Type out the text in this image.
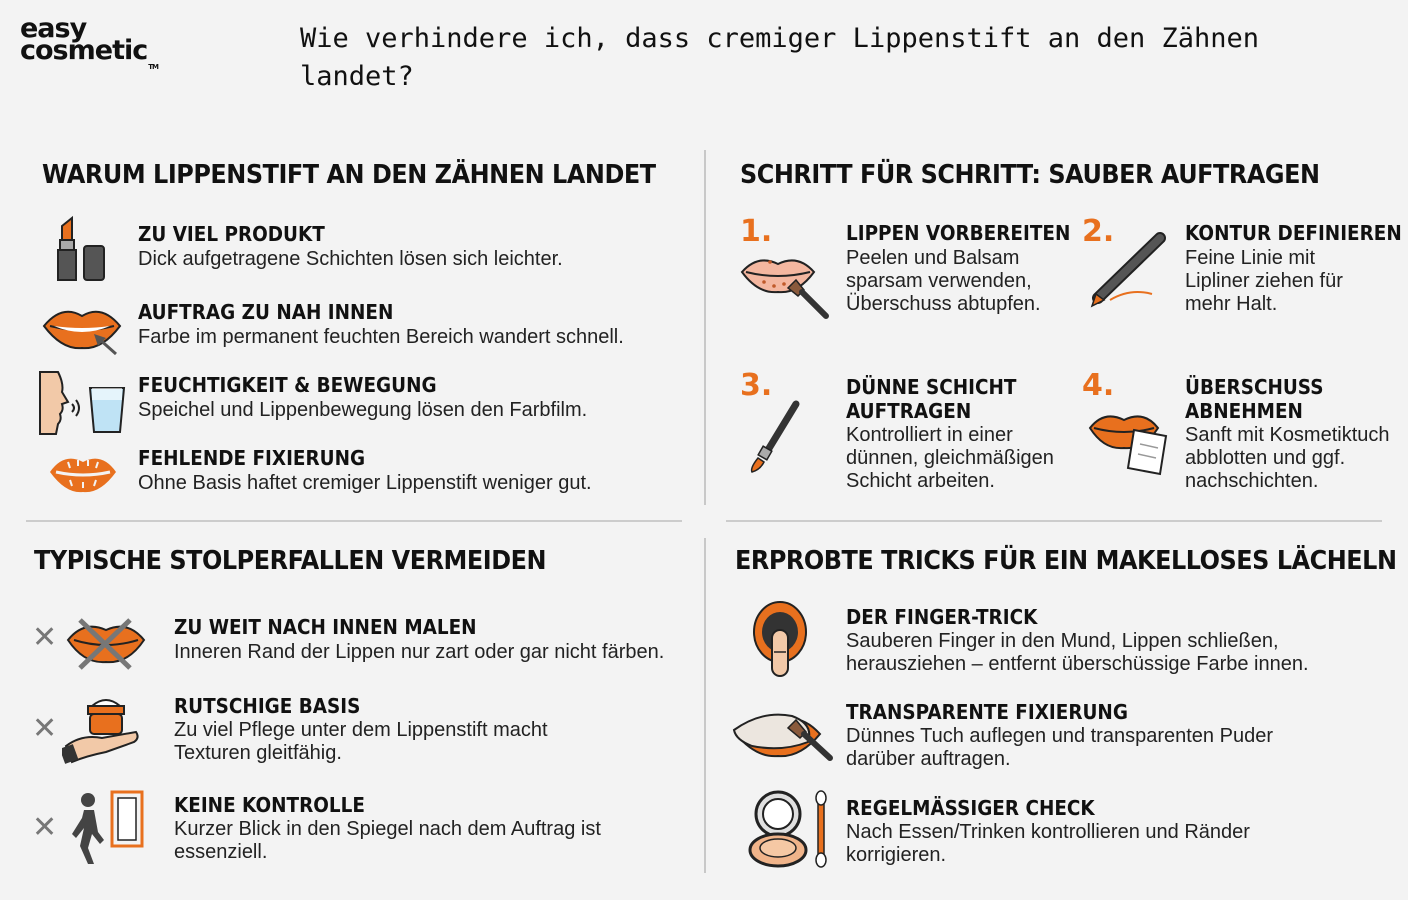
easy
cosmetic™
Wie verhindere ich, dass cremiger Lippenstift an den Zähnen landet?
WARUM LIPPENSTIFT AN DEN ZÄHNEN LANDET
ZU VIEL PRODUKT
Dick aufgetragene Schichten lösen sich leichter.
AUFTRAG ZU NAH INNEN
Farbe im permanent feuchten Bereich wandert schnell.
FEUCHTIGKEIT & BEWEGUNG
Speichel und Lippenbewegung lösen den Farbfilm.
FEHLENDE FIXIERUNG
Ohne Basis haftet cremiger Lippenstift weniger gut.
SCHRITT FÜR SCHRITT: SAUBER AUFTRAGEN
1.	LIPPEN VORBEREITEN
Peelen und Balsam sparsam verwenden, Überschuss abtupfen.
2.	KONTUR DEFINIEREN
Feine Linie mit Lipliner ziehen für mehr Halt.
3.	DÜNNE SCHICHT AUFTRAGEN
Kontrolliert in einer dünnen, gleichmäßigen Schicht arbeiten.
4.	ÜBERSCHUSS ABNEHMEN
Sanft mit Kosmetiktuch abblotten und ggf. nachschichten.
TYPISCHE STOLPERFALLEN VERMEIDEN
✕	ZU WEIT NACH INNEN MALEN
Inneren Rand der Lippen nur zart oder gar nicht färben.
✕
RUTSCHIGE BASIS
Zu viel Pflege unter dem Lippenstift macht Texturen gleitfähig.
✕
KEINE KONTROLLE
Kurzer Blick in den Spiegel nach dem Auftrag ist essenziell.
ERPROBTE TRICKS FÜR EIN MAKELLOSES LÄCHELN
DER FINGER-TRICK
Sauberen Finger in den Mund, Lippen schließen, herausziehen – entfernt überschüssige Farbe innen.
TRANSPARENTE FIXIERUNG
Dünnes Tuch auflegen und transparenten Puder darüber auftragen.
REGELMÄSSIGER CHECK
Nach Essen/Trinken kontrollieren und Ränder korrigieren.
